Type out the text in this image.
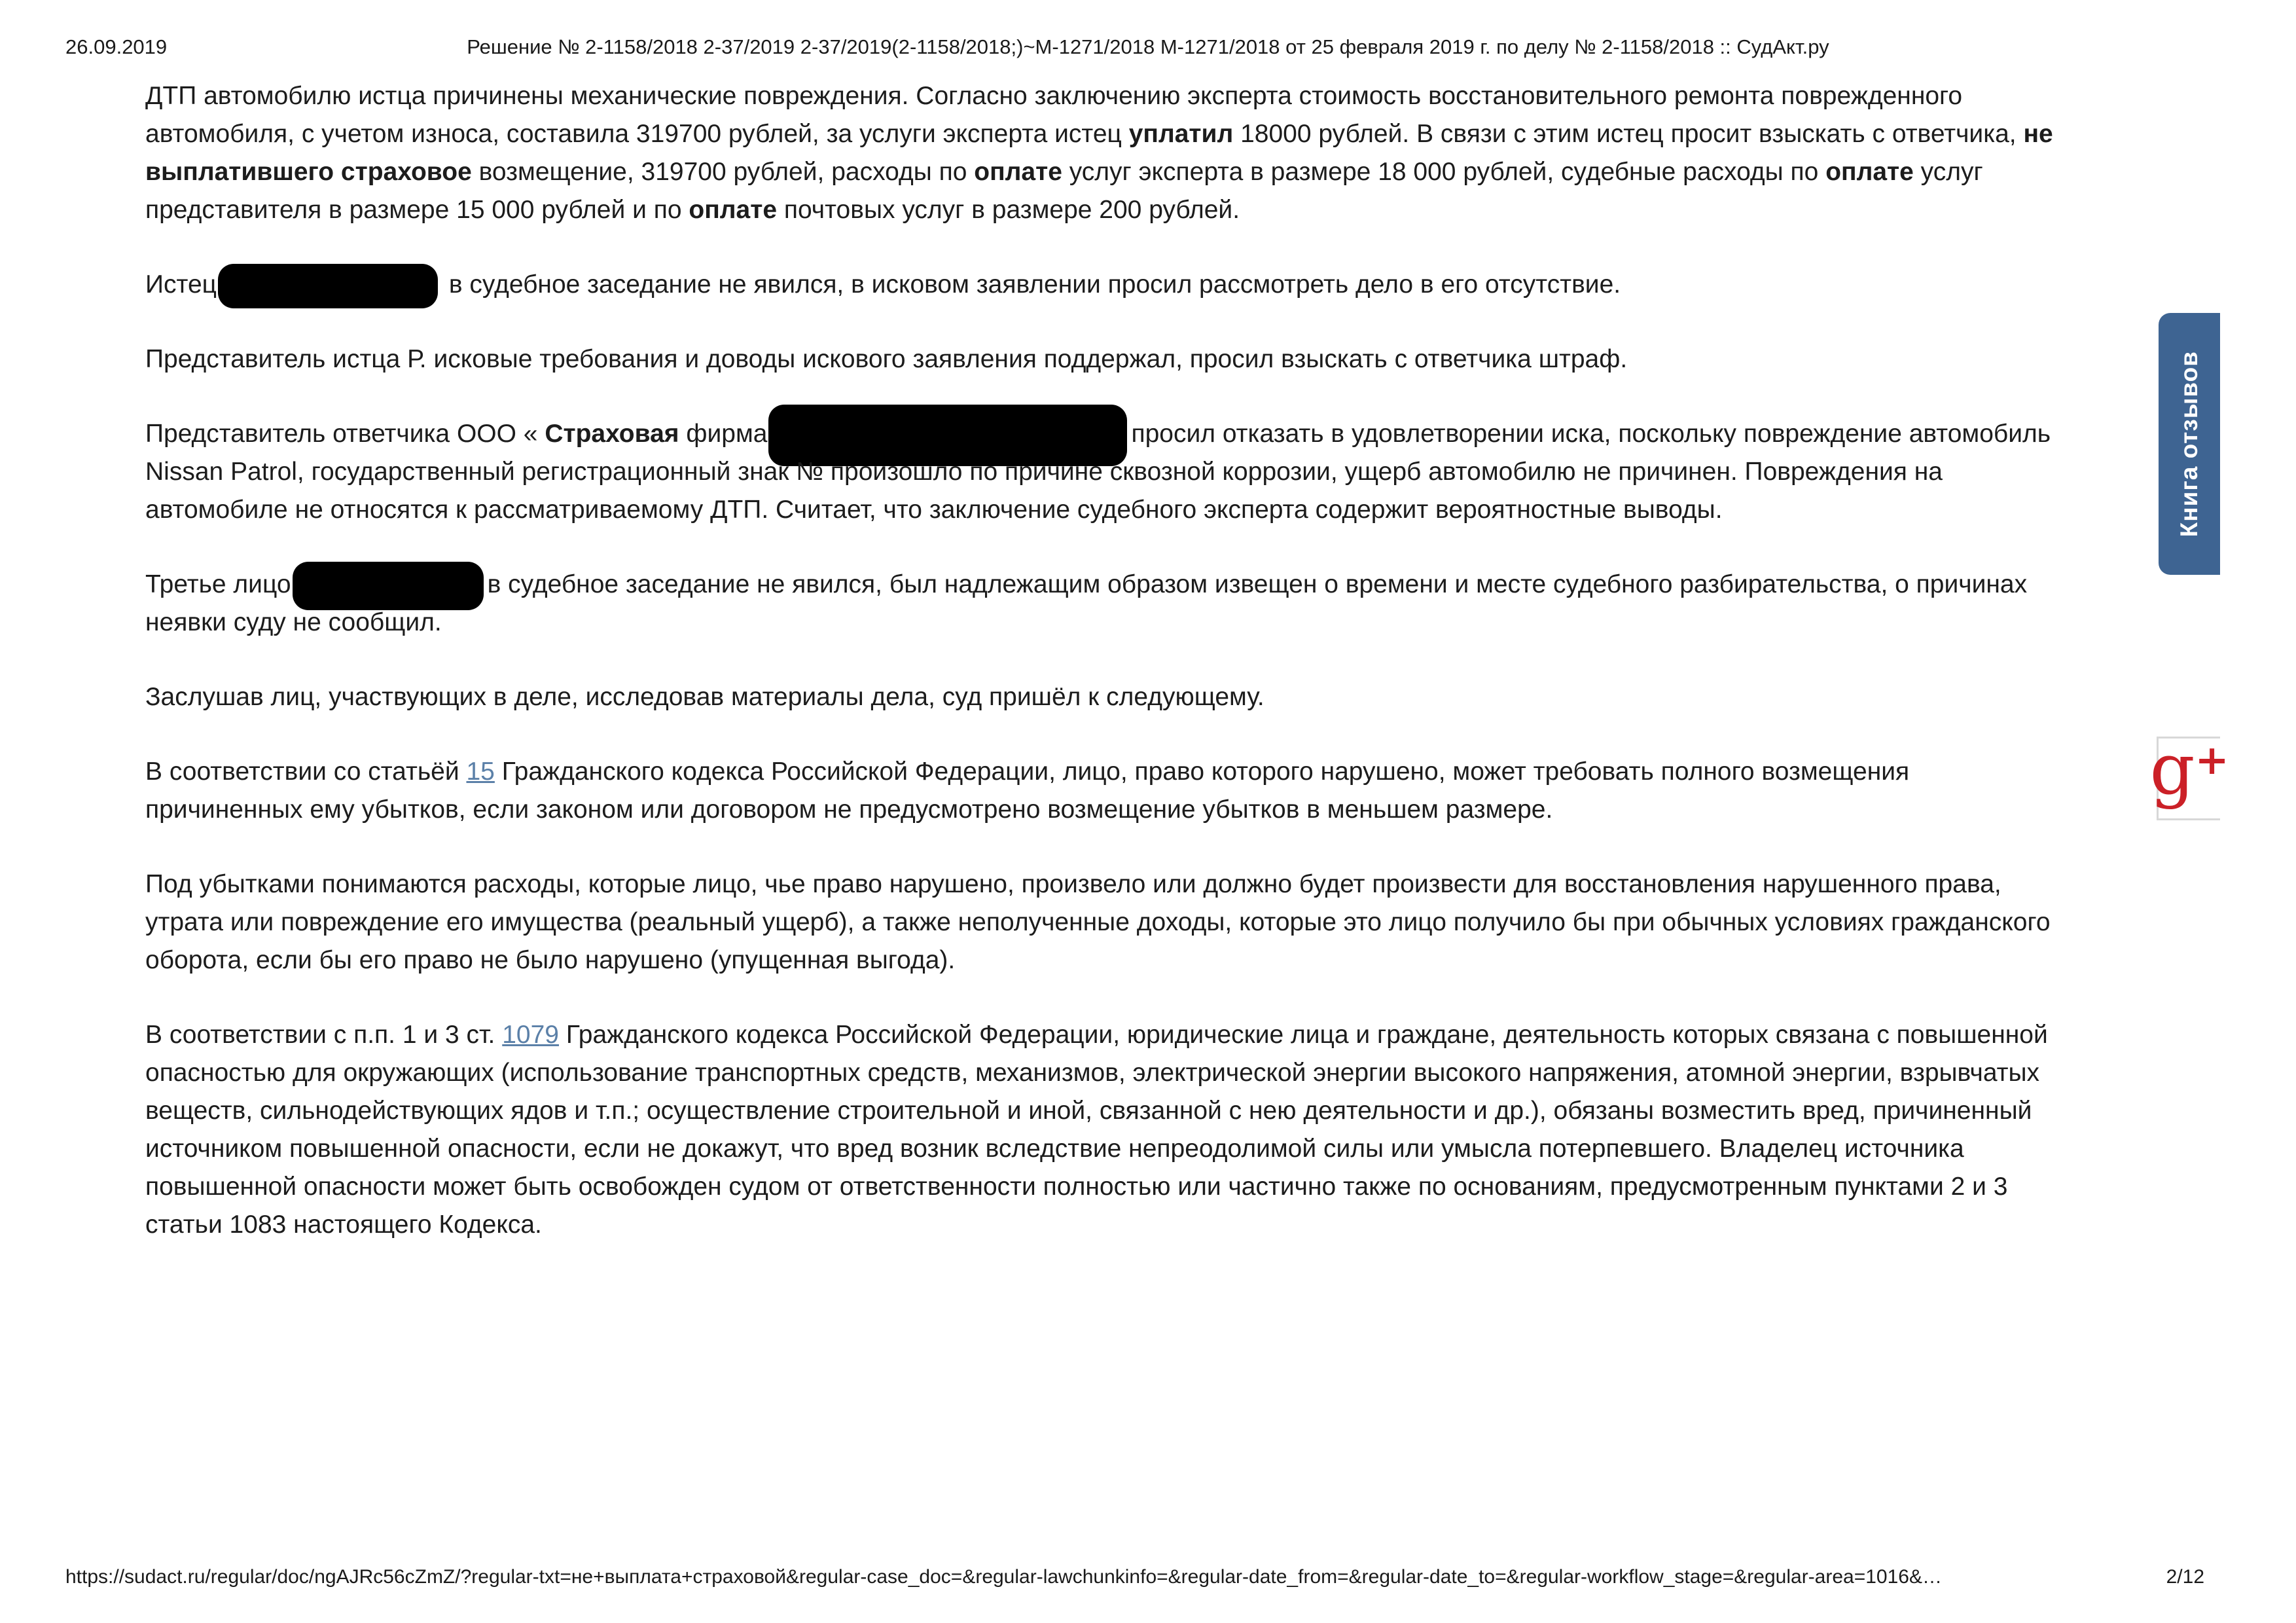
26.09.2019	Решение № 2-1158/2018 2-37/2019 2-37/2019(2-1158/2018;)~М-1271/2018 М-1271/2018 от 25 февраля 2019 г. по делу № 2-1158/2018 :: СудАкт.ру

ДТП автомобилю истца причинены механические повреждения. Согласно заключению эксперта стоимость восстановительного ремонта поврежденного автомобиля, с учетом износа, составила 319700 рублей, за услуги эксперта истец уплатил 18000 рублей. В связи с этим истец просит взыскать с ответчика, не выплатившего страховое возмещение, 319700 рублей, расходы по оплате услуг эксперта в размере 18 000 рублей, судебные расходы по оплате услуг представителя в размере 15 000 рублей и по оплате почтовых услуг в размере 200 рублей.

Истец	в судебное заседание не явился, в исковом заявлении просил рассмотреть дело в его отсутствие.

Представитель истца Р. исковые требования и доводы искового заявления поддержал, просил взыскать с ответчика штраф.

Представитель ответчика ООО « Страховая фирма	просил отказать в удовлетворении иска, поскольку повреждение автомобиль Nissan Patrol, государственный регистрационный знак № произошло по причине сквозной коррозии, ущерб автомобилю не причинен. Повреждения на автомобиле не относятся к рассматриваемому ДТП. Считает, что заключение судебного эксперта содержит вероятностные выводы.

Третье лицо	в судебное заседание не явился, был надлежащим образом извещен о времени и месте судебного разбирательства, о причинах неявки суду не сообщил.

Заслушав лиц, участвующих в деле, исследовав материалы дела, суд пришёл к следующему.

В соответствии со статьёй 15 Гражданского кодекса Российской Федерации, лицо, право которого нарушено, может требовать полного возмещения причиненных ему убытков, если законом или договором не предусмотрено возмещение убытков в меньшем размере.

Под убытками понимаются расходы, которые лицо, чье право нарушено, произвело или должно будет произвести для восстановления нарушенного права, утрата или повреждение его имущества (реальный ущерб), а также неполученные доходы, которые это лицо получило бы при обычных условиях гражданского оборота, если бы его право не было нарушено (упущенная выгода).

В соответствии с п.п. 1 и 3 ст. 1079 Гражданского кодекса Российской Федерации, юридические лица и граждане, деятельность которых связана с повышенной опасностью для окружающих (использование транспортных средств, механизмов, электрической энергии высокого напряжения, атомной энергии, взрывчатых веществ, сильнодействующих ядов и т.п.; осуществление строительной и иной, связанной с нею деятельности и др.), обязаны возместить вред, причиненный источником повышенной опасности, если не докажут, что вред возник вследствие непреодолимой силы или умысла потерпевшего. Владелец источника повышенной опасности может быть освобожден судом от ответственности полностью или частично также по основаниям, предусмотренным пунктами 2 и 3 статьи 1083 настоящего Кодекса.

Книга отзывов
g +
https://sudact.ru/regular/doc/ngAJRc56cZmZ/?regular-txt=не+выплата+страховой&regular-case_doc=&regular-lawchunkinfo=&regular-date_from=&regular-date_to=&regular-workflow_stage=&regular-area=1016&…	2/12
